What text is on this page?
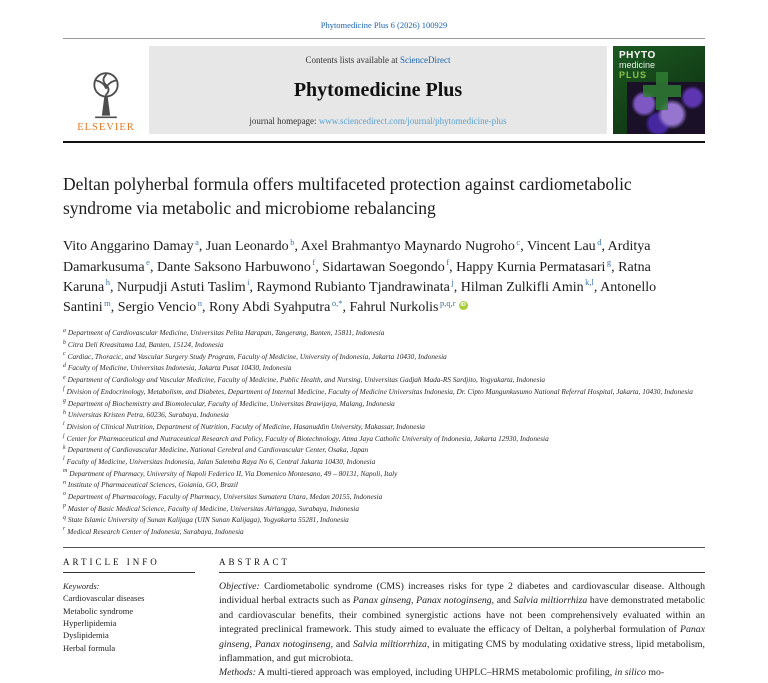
Phytomedicine Plus 6 (2026) 100929
ELSEVIER
Contents lists available at ScienceDirect
Phytomedicine Plus
journal homepage: www.sciencedirect.com/journal/phytomedicine-plus
PHYTO
medicine
PLUS
Deltan polyherbal formula offers multifaceted protection against cardiometabolic syndrome via metabolic and microbiome rebalancing

Vito Anggarino Damay $^a$ , Juan Leonardo $^b$ , Axel Brahmantyo Maynardo Nugroho $^c$ , Vincent Lau $^d$ , Arditya Damarkusuma $^e$ , Dante Saksono Harbuwono $^f$ , Sidartawan Soegondo $^f$ , Happy Kurnia Permatasari $^g$ , Ratna Karuna $^h$ , Nurpudji Astuti Taslim $^i$ , Raymond Rubianto Tjandrawinata $^j$ , Hilman Zulkifli Amin $^{k,l}$ , Antonello Santini $^m$ , Sergio Vencio $^n$ , Rony Abdi Syahputra $^{o,*}$ , Fahrul Nurkolis $^{p,q,r}$ iD

$^a$ Department of Cardiovascular Medicine, Universitas Pelita Harapan, Tangerang, Banten, 15811, Indonesia
$^b$ Citra Deli Kreasitama Ltd, Banten, 15124, Indonesia
$^c$ Cardiac, Thoracic, and Vascular Surgery Study Program, Faculty of Medicine, University of Indonesia, Jakarta 10430, Indonesia
$^d$ Faculty of Medicine, Universitas Indonesia, Jakarta Pusat 10430, Indonesia
$^e$ Department of Cardiology and Vascular Medicine, Faculty of Medicine, Public Health, and Nursing, Universitas Gadjah Mada-RS Sardjito, Yogyakarta, Indonesia
$^f$ Division of Endocrinology, Metabolism, and Diabetes, Department of Internal Medicine, Faculty of Medicine Universitas Indonesia, Dr. Cipto Mangunkusumo National Referral Hospital, Jakarta, 10430, Indonesia
$^g$ Department of Biochemistry and Biomolecular, Faculty of Medicine, Universitas Brawijaya, Malang, Indonesia
$^h$ Universitas Kristen Petra, 60236, Surabaya, Indonesia
$^i$ Division of Clinical Nutrition, Department of Nutrition, Faculty of Medicine, Hasanuddin University, Makassar, Indonesia
$^j$ Center for Pharmaceutical and Nutraceutical Research and Policy, Faculty of Biotechnology, Atma Jaya Catholic University of Indonesia, Jakarta 12930, Indonesia
$^k$ Department of Cardiovascular Medicine, National Cerebral and Cardiovascular Center, Osaka, Japan
$^l$ Faculty of Medicine, Universitas Indonesia, Jalan Salemba Raya No 6, Central Jakarta 10430, Indonesia
$^m$ Department of Pharmacy, University of Napoli Federico II, Via Domenico Montesano, 49 – 80131, Napoli, Italy
$^n$ Institute of Pharmaceutical Sciences, Goiania, GO, Brazil
$^o$ Department of Pharmacology, Faculty of Pharmacy, Universitas Sumatera Utara, Medan 20155, Indonesia
$^p$ Master of Basic Medical Science, Faculty of Medicine, Universitas Airlangga, Surabaya, Indonesia
$^q$ State Islamic University of Sunan Kalijaga (UIN Sunan Kalijaga), Yogyakarta 55281, Indonesia
$^r$ Medical Research Center of Indonesia, Surabaya, Indonesia
ARTICLE INFO
Keywords:
Cardiovascular diseases
Metabolic syndrome
Hyperlipidemia
Dyslipidemia
Herbal formula
ABSTRACT

Objective: Cardiometabolic syndrome (CMS) increases risks for type 2 diabetes and cardiovascular disease. Although individual herbal extracts such as Panax ginseng, Panax notoginseng, and Salvia miltiorrhiza have demonstrated metabolic and cardiovascular benefits, their combined synergistic actions have not been comprehensively evaluated within an integrated preclinical framework. This study aimed to evaluate the efficacy of Deltan, a polyherbal formulation of Panax ginseng, Panax notoginseng, and Salvia miltiorrhiza, in mitigating CMS by modulating oxidative stress, lipid metabolism, inflammation, and gut microbiota.

Methods: A multi-tiered approach was employed, including UHPLC–HRMS metabolomic profiling, in silico mo-
